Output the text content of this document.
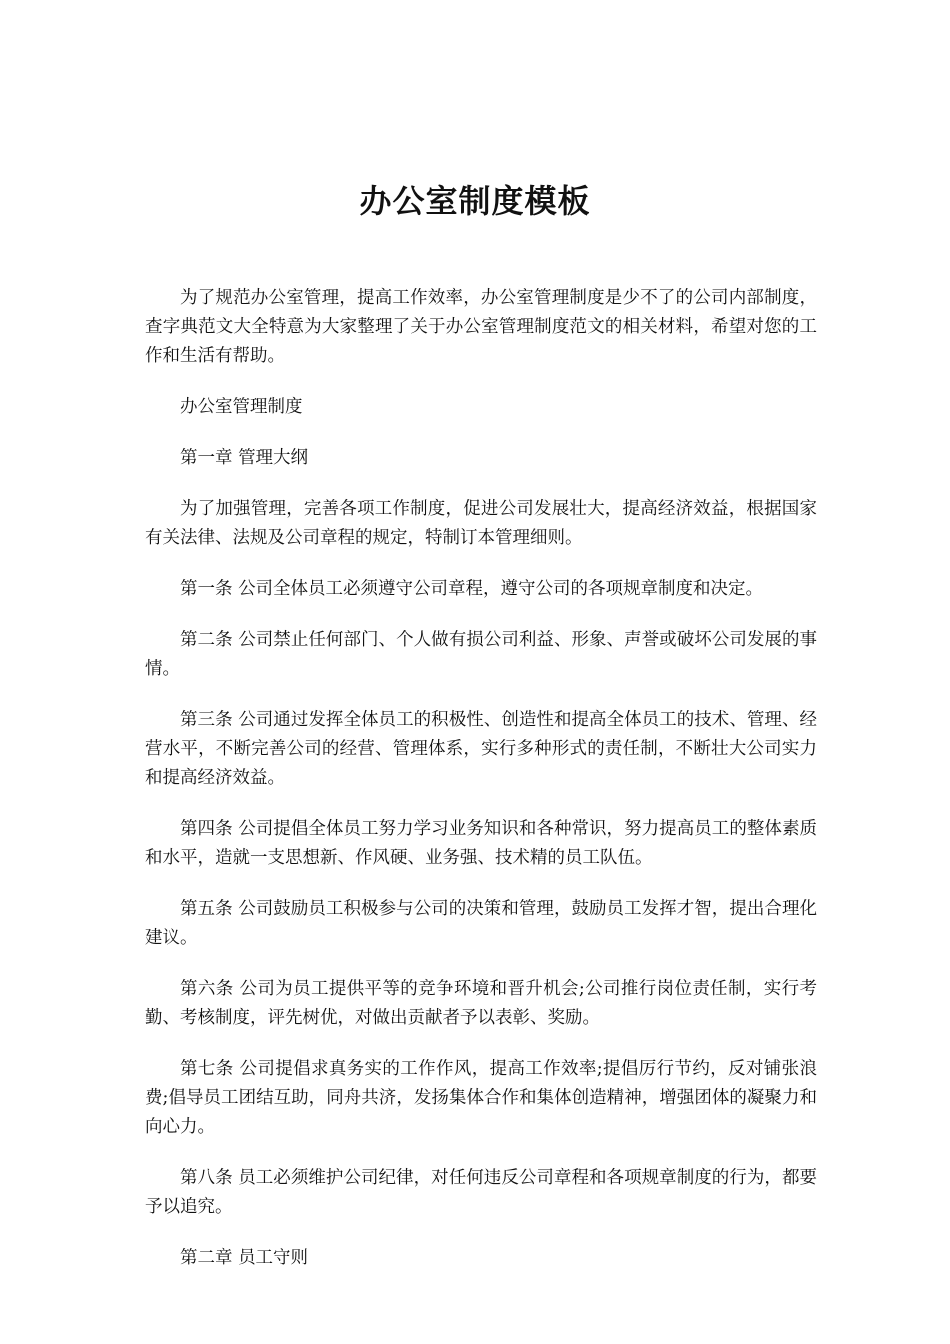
办公室制度模板

为了规范办公室管理，提高工作效率，办公室管理制度是少不了的公司内部制度，查字典范文大全特意为大家整理了关于办公室管理制度范文的相关材料，希望对您的工作和生活有帮助。

办公室管理制度

第一章 管理大纲

为了加强管理，完善各项工作制度，促进公司发展壮大，提高经济效益，根据国家有关法律、法规及公司章程的规定，特制订本管理细则。

第一条 公司全体员工必须遵守公司章程，遵守公司的各项规章制度和决定。

第二条 公司禁止任何部门、个人做有损公司利益、形象、声誉或破坏公司发展的事情。

第三条 公司通过发挥全体员工的积极性、创造性和提高全体员工的技术、管理、经营水平，不断完善公司的经营、管理体系，实行多种形式的责任制，不断壮大公司实力和提高经济效益。

第四条 公司提倡全体员工努力学习业务知识和各种常识，努力提高员工的整体素质和水平，造就一支思想新、作风硬、业务强、技术精的员工队伍。

第五条 公司鼓励员工积极参与公司的决策和管理，鼓励员工发挥才智，提出合理化建议。

第六条 公司为员工提供平等的竞争环境和晋升机会;公司推行岗位责任制，实行考勤、考核制度，评先树优，对做出贡献者予以表彰、奖励。

第七条 公司提倡求真务实的工作作风，提高工作效率;提倡厉行节约，反对铺张浪费;倡导员工团结互助，同舟共济，发扬集体合作和集体创造精神，增强团体的凝聚力和向心力。

第八条 员工必须维护公司纪律，对任何违反公司章程和各项规章制度的行为，都要予以追究。

第二章 员工守则
